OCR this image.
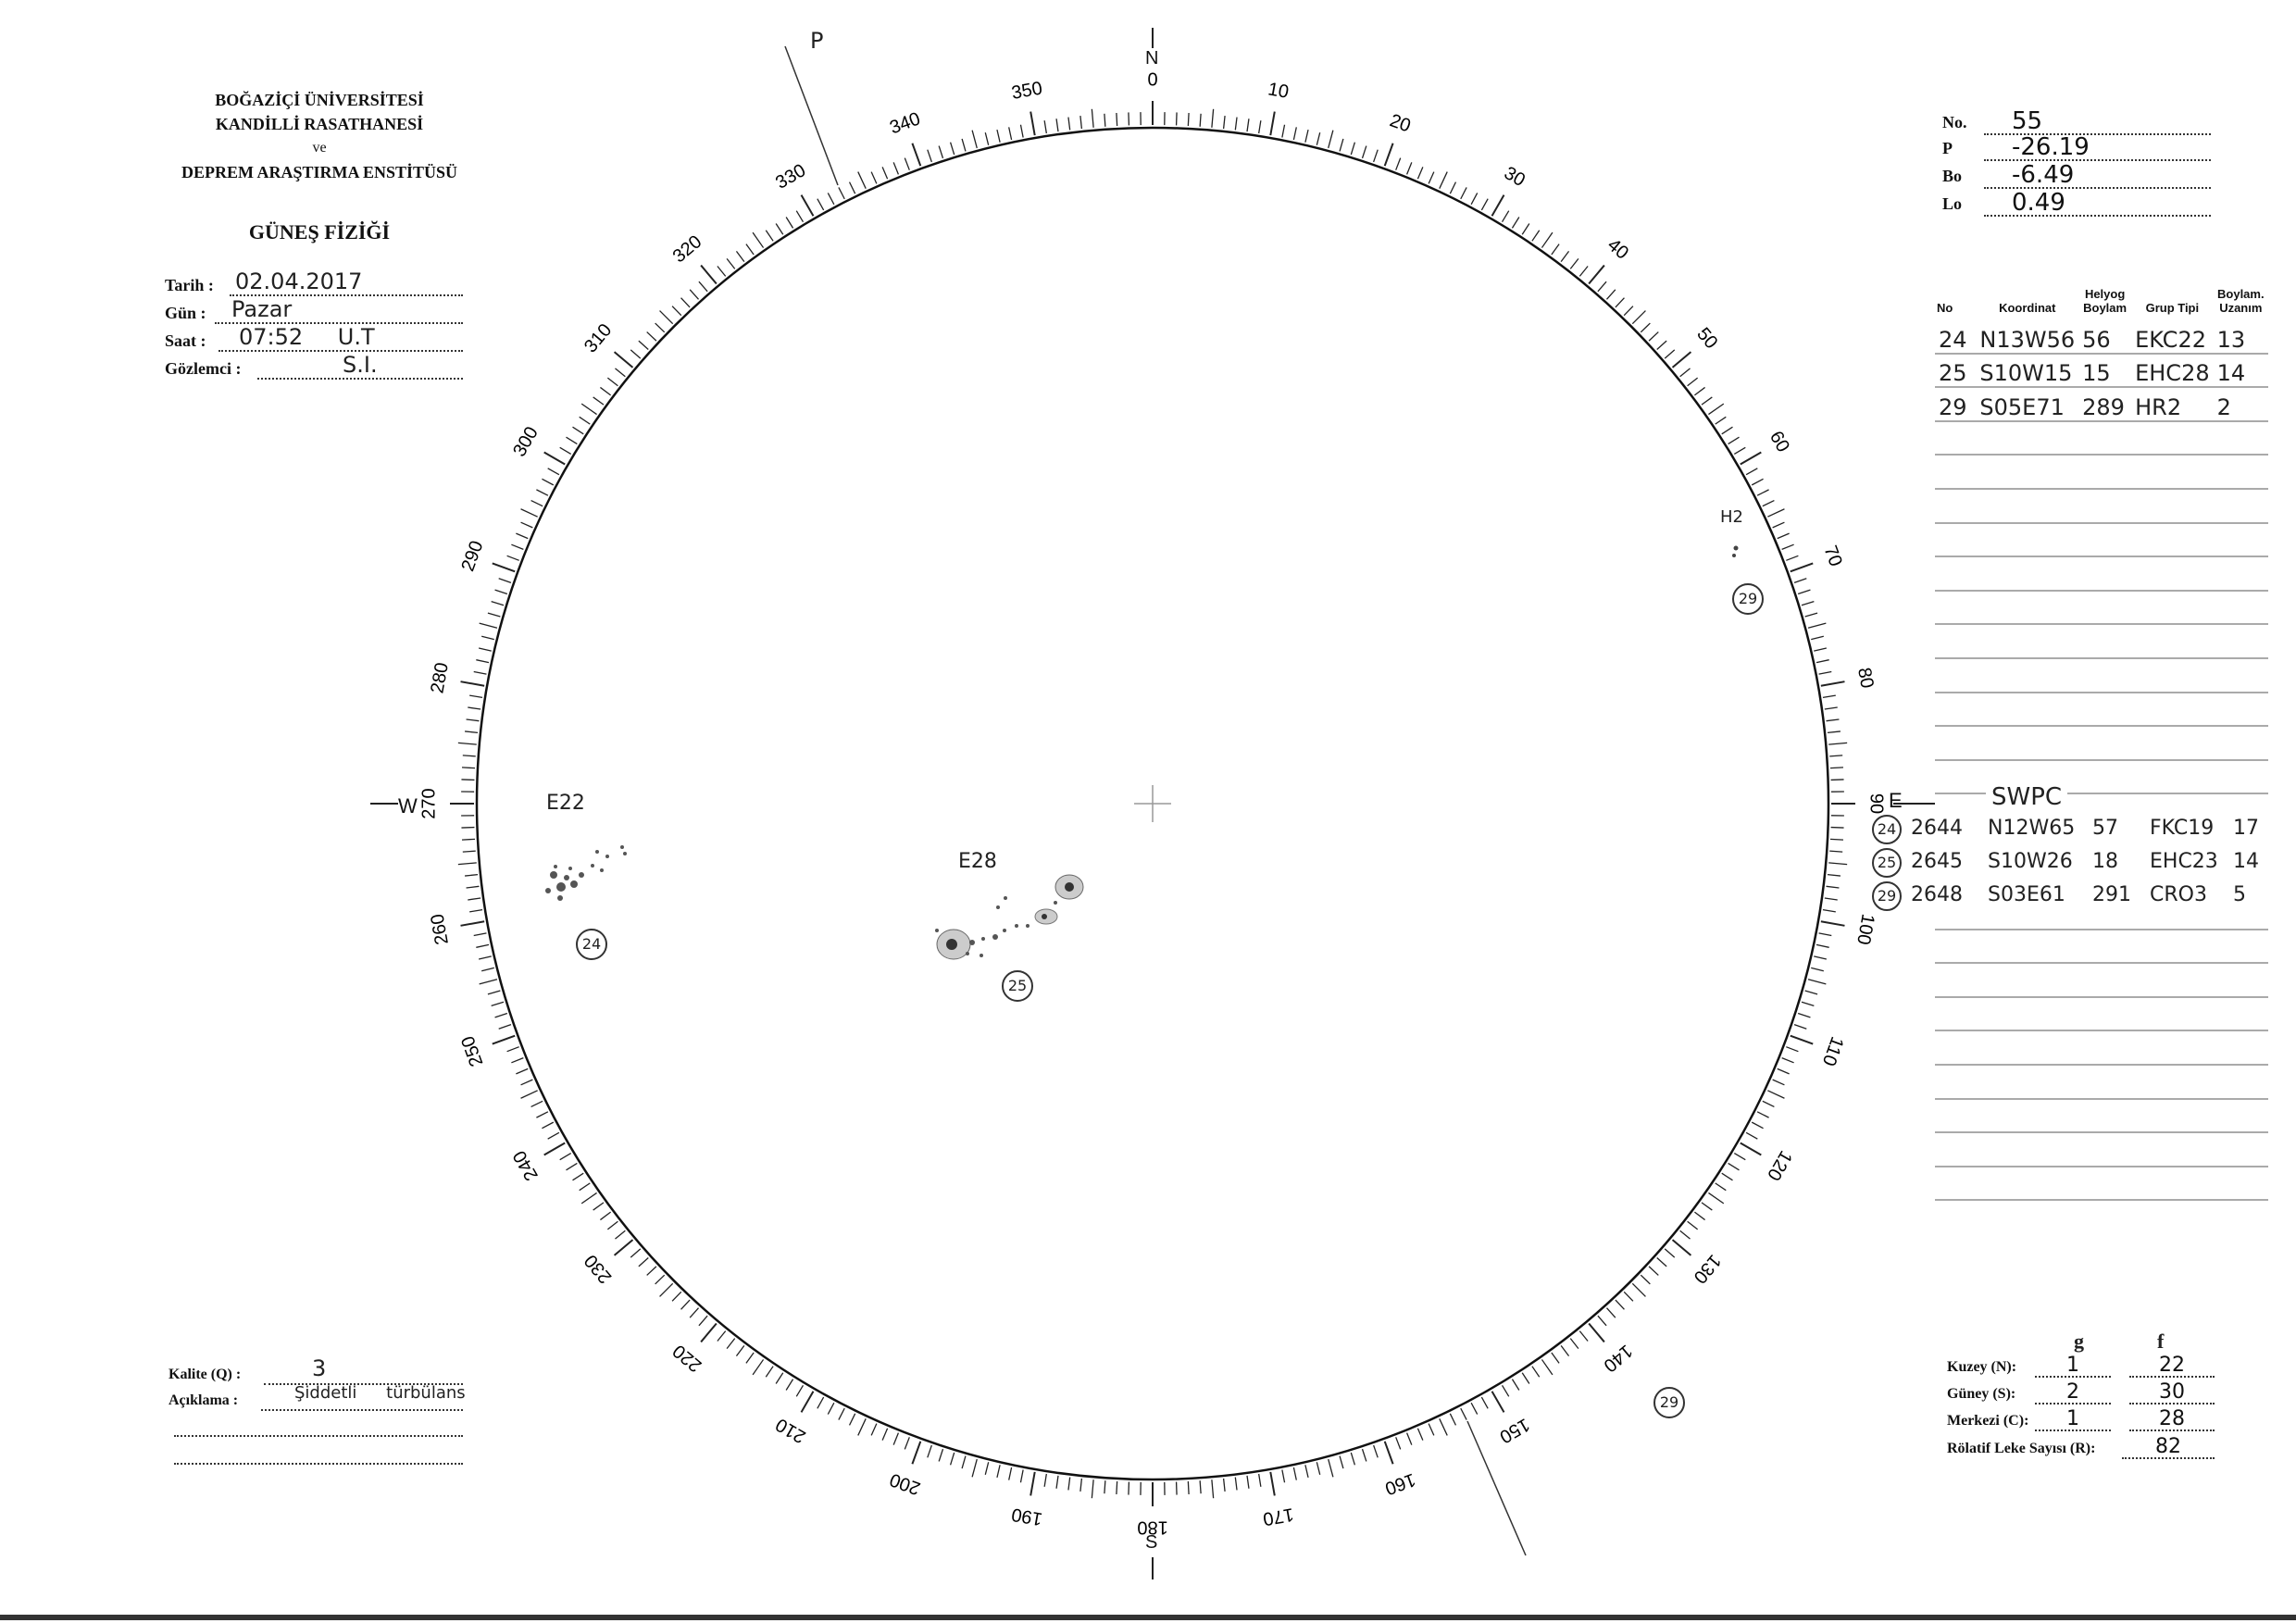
BOĞAZİÇİ ÜNİVERSİTESİ
KANDİLLİ RASATHANESİ
ve
DEPREM ARAŞTIRMA ENSTİTÜSÜ
GÜNEŞ FİZİĞİ
Tarih : 02.04.2017
Gün : Pazar
Saat : 07:52 U.T
Gözlemci :	S.I.
No.	55
P	-26.19
Bo	-6.49
Lo	0.49
No	Koordinat	Helyog Boylam	Grup Tipi	Boylam. Uzanım
24	N13W56	56	EKC22	13
25	S10W15	15	EHC28	14
29	S05E71	289	HR2	2

SWPC
24 2644 N12W65 57 FKC19 17
25 2645 S10W26 18 EHC23 14
29 2648 S03E61 291 CRO3 5
0	10
20
30
40
50
60
70
80
90
100
110
120
130
140
150
160
170
180
190
200
210
220
230
240
250
260
270
280
290
300
310
320
330
340
350
N
S
E
W
P
E22
24
E28
25
H2
29
29
Kalite (Q) :	3
Açıklama :	Şiddetli türbülans
g	f
Kuzey (N):	1	22
Güney (S):	2	30
Merkezi (C):	1	28
Rölatif Leke Sayısı (R):	82
